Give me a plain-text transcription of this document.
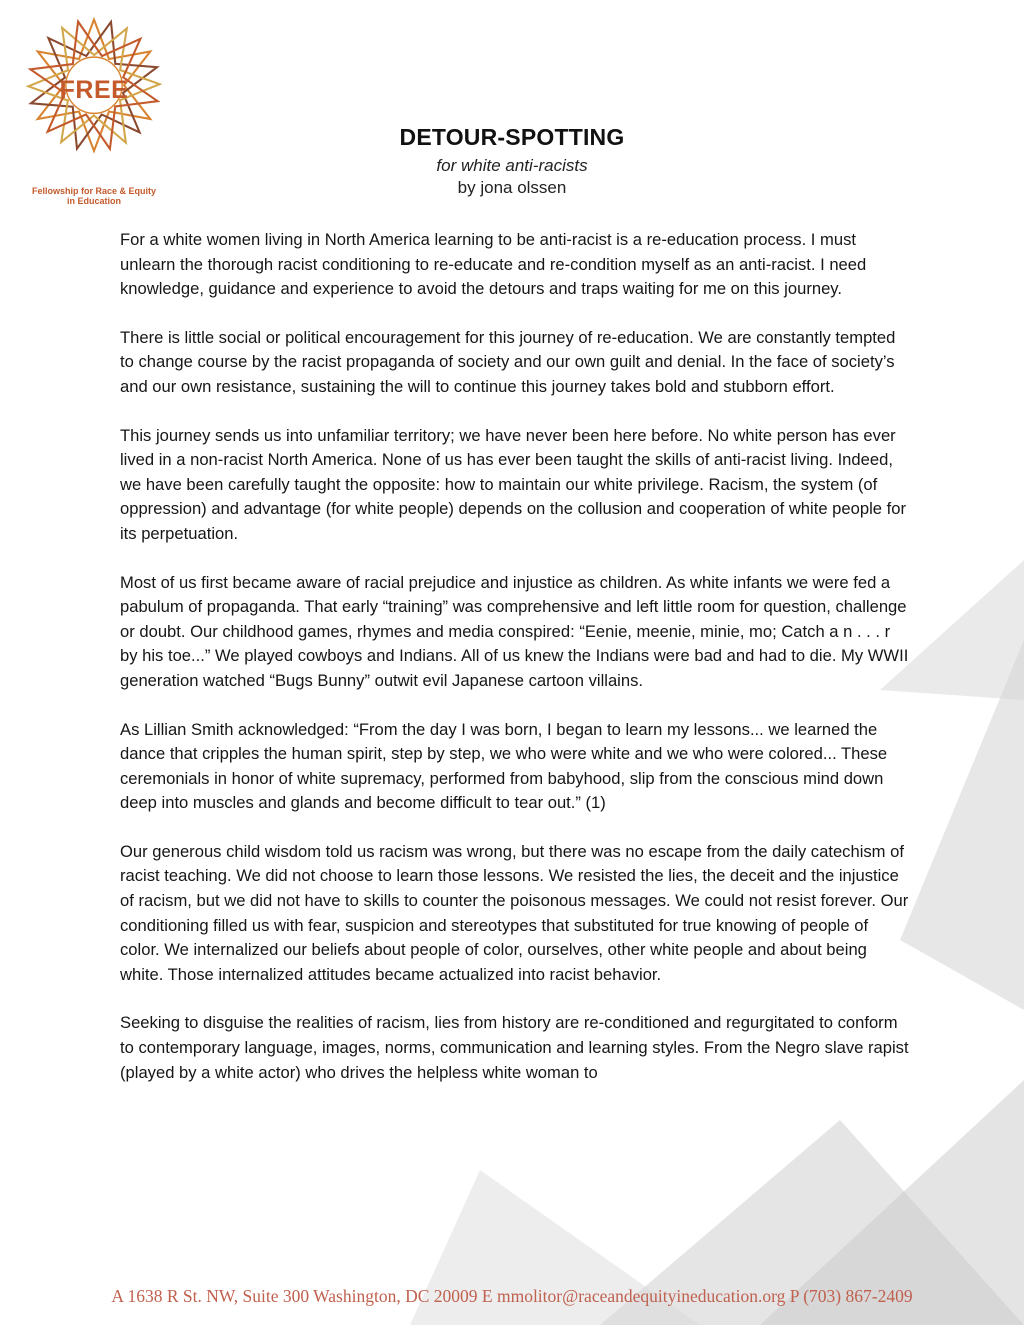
FREE
Fellowship for Race & Equity
in Education
DETOUR-SPOTTING
for white anti-racists
by jona olssen

For a white women living in North America learning to be anti-racist is a re-education process. I must unlearn the thorough racist conditioning to re-educate and re-condition myself as an anti-racist. I need knowledge, guidance and experience to avoid the detours and traps waiting for me on this journey.

There is little social or political encouragement for this journey of re-education. We are constantly tempted to change course by the racist propaganda of society and our own guilt and denial. In the face of society’s and our own resistance, sustaining the will to continue this journey takes bold and stubborn effort.

This journey sends us into unfamiliar territory; we have never been here before. No white person has ever lived in a non-racist North America. None of us has ever been taught the skills of anti-racist living. Indeed, we have been carefully taught the opposite: how to maintain our white privilege. Racism, the system (of oppression) and advantage (for white people) depends on the collusion and cooperation of white people for its perpetuation.

Most of us first became aware of racial prejudice and injustice as children. As white infants we were fed a pabulum of propaganda. That early “training” was comprehensive and left little room for question, challenge or doubt. Our childhood games, rhymes and media conspired: “Eenie, meenie, minie, mo; Catch a n . . . r by his toe...” We played cowboys and Indians. All of us knew the Indians were bad and had to die. My WWII generation watched “Bugs Bunny” outwit evil Japanese cartoon villains.

As Lillian Smith acknowledged: “From the day I was born, I began to learn my lessons... we learned the dance that cripples the human spirit, step by step, we who were white and we who were colored... These ceremonials in honor of white supremacy, performed from babyhood, slip from the conscious mind down deep into muscles and glands and become difficult to tear out.” (1)

Our generous child wisdom told us racism was wrong, but there was no escape from the daily catechism of racist teaching. We did not choose to learn those lessons. We resisted the lies, the deceit and the injustice of racism, but we did not have to skills to counter the poisonous messages. We could not resist forever. Our conditioning filled us with fear, suspicion and stereotypes that substituted for true knowing of people of color. We internalized our beliefs about people of color, ourselves, other white people and about being white. Those internalized attitudes became actualized into racist behavior.

Seeking to disguise the realities of racism, lies from history are re-conditioned and regurgitated to conform to contemporary language, images, norms, communication and learning styles. From the Negro slave rapist (played by a white actor) who drives the helpless white woman to

A 1638 R St. NW, Suite 300 Washington, DC 20009 E mmolitor@raceandequityineducation.org P (703) 867-2409
